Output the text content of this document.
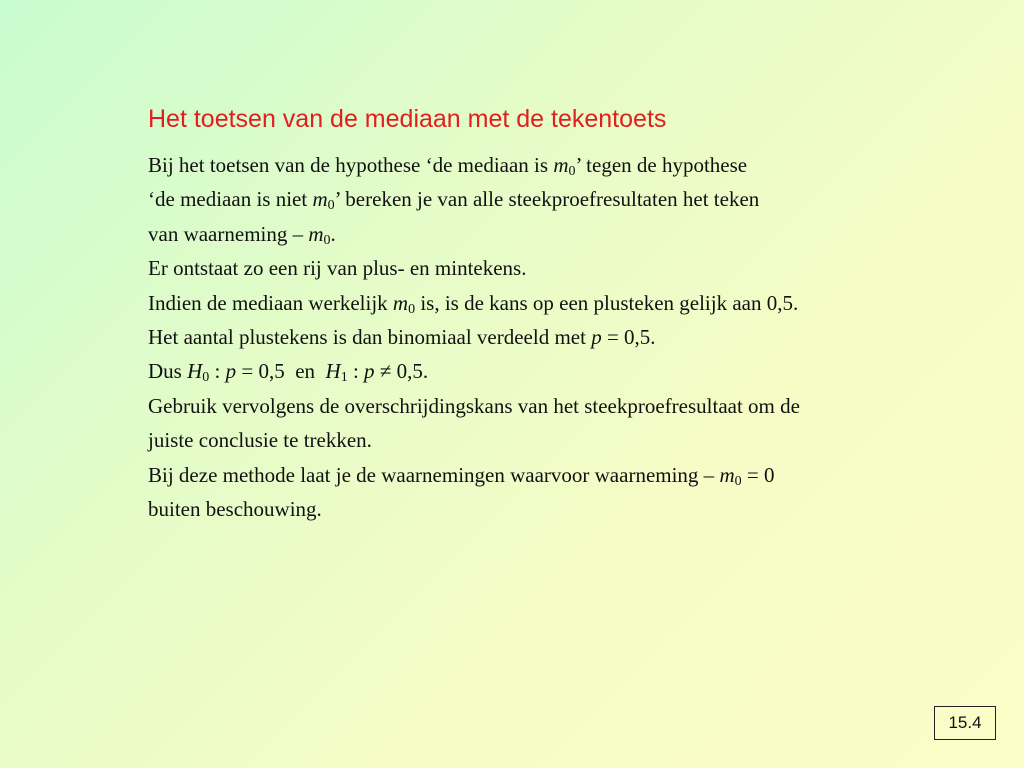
Het toetsen van de mediaan met de tekentoets
Bij het toetsen van de hypothese ‘de mediaan is $m_0$’ tegen de hypothese
‘de mediaan is niet $m_0$’ bereken je van alle steekproefresultaten het teken
van waarneming – $m_0$.
Er ontstaat zo een rij van plus- en mintekens.
Indien de mediaan werkelijk $m_0$ is, is de kans op een plusteken gelijk aan 0,5.
Het aantal plustekens is dan binomiaal verdeeld met p = 0,5.
Dus $H_0$ : p = 0,5  en  $H_1$ : p ≠ 0,5.
Gebruik vervolgens de overschrijdingskans van het steekproefresultaat om de
juiste conclusie te trekken.
Bij deze methode laat je de waarnemingen waarvoor waarneming – $m_0 = 0$
buiten beschouwing.
15.4
